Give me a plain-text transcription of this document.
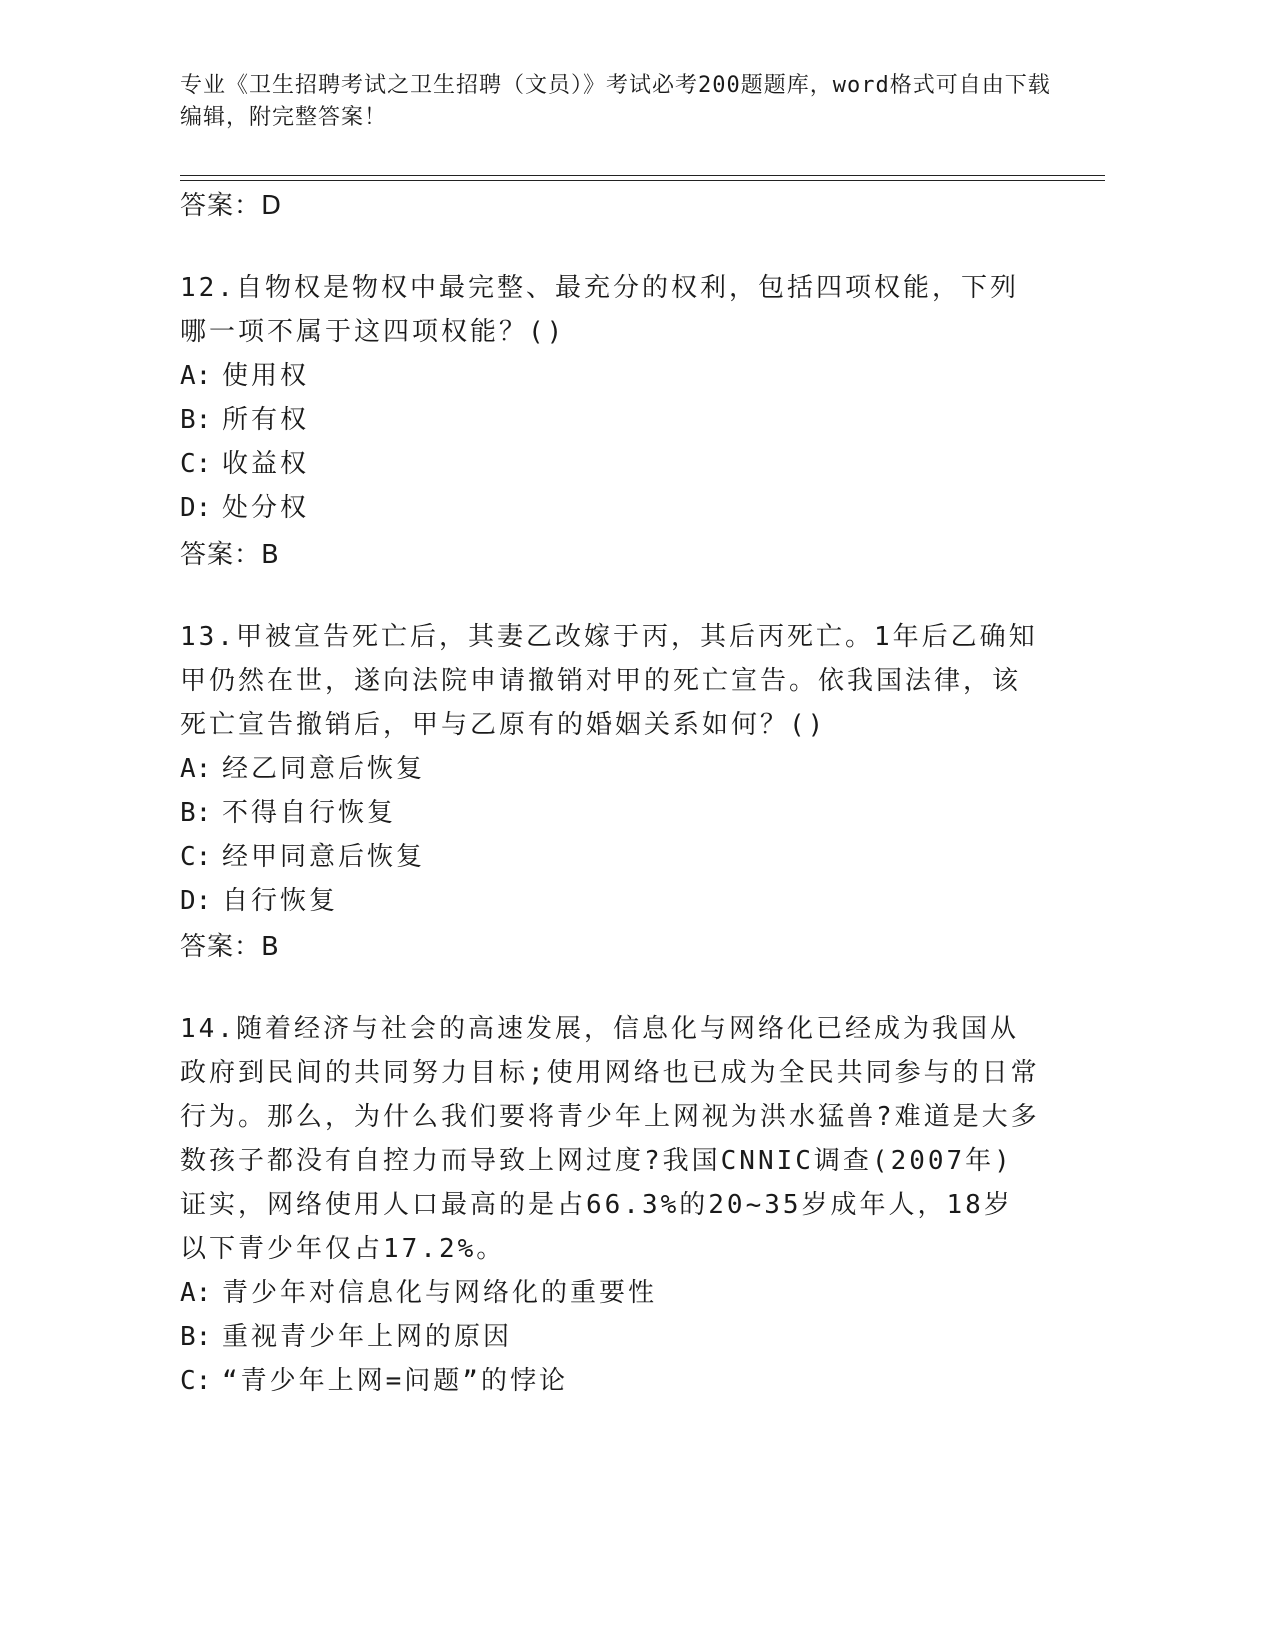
专业《卫生招聘考试之卫生招聘（文员）》考试必考200题题库，word格式可自由下载编辑，附完整答案！
答案：D

12.自物权是物权中最完整、最充分的权利，包括四项权能，下列哪一项不属于这四项权能？()

A: 使用权

B: 所有权

C: 收益权

D: 处分权

答案：B

13.甲被宣告死亡后，其妻乙改嫁于丙，其后丙死亡。1年后乙确知甲仍然在世，遂向法院申请撤销对甲的死亡宣告。依我国法律，该死亡宣告撤销后，甲与乙原有的婚姻关系如何？()

A: 经乙同意后恢复

B: 不得自行恢复

C: 经甲同意后恢复

D: 自行恢复

答案：B

14.随着经济与社会的高速发展，信息化与网络化已经成为我国从政府到民间的共同努力目标;使用网络也已成为全民共同参与的日常行为。那么，为什么我们要将青少年上网视为洪水猛兽?难道是大多数孩子都没有自控力而导致上网过度?我国CNNIC调查(2007年)证实，网络使用人口最高的是占66.3%的20~35岁成年人，18岁以下青少年仅占17.2%。

A: 青少年对信息化与网络化的重要性

B: 重视青少年上网的原因

C: “青少年上网=问题”的悖论
